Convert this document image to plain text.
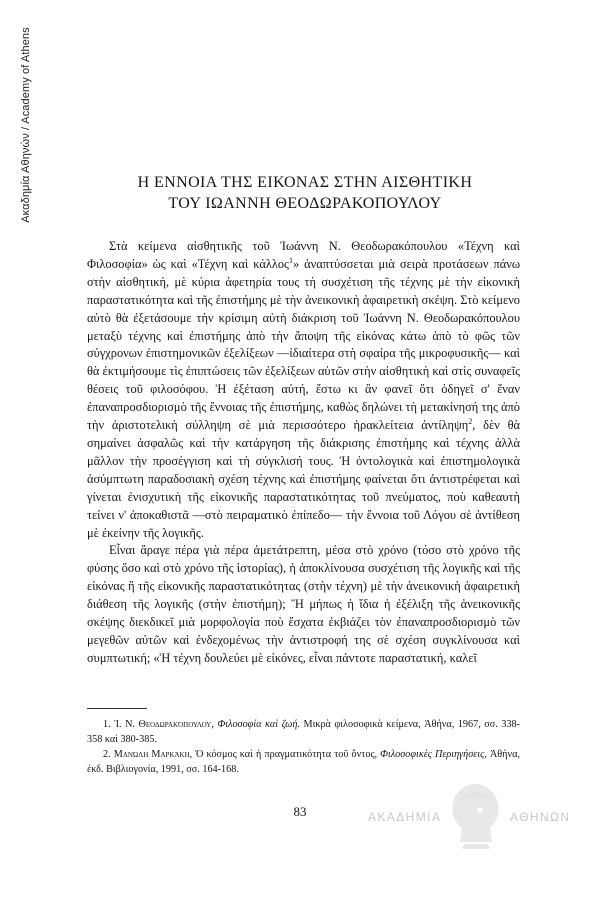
Ακαδημία Αθηνών / Academy of Athens	Η ΕΝΝΟΙΑ ΤΗΣ ΕΙΚΟΝΑΣ ΣΤΗΝ ΑΙΣΘΗΤΙΚΗ
ΤΟΥ ΙΩΑΝΝΗ ΘΕΟΔΩΡΑΚΟΠΟΥΛΟΥ

Στὰ κείμενα αἰσθητικῆς τοῦ Ἰωάννη Ν. Θεοδωρακόπουλου «Τέχνη καὶ Φιλοσοφία» ὡς καὶ «Τέχνη καὶ κάλλος$^1$» ἀναπτύσσεται μιὰ σειρὰ προτάσεων πάνω στὴν αἰσθητική, μὲ κύρια ἀφετηρία τους τὴ συσχέτιση τῆς τέχνης μὲ τὴν εἰκονικὴ παραστατικότητα καὶ τῆς ἐπιστήμης μὲ τὴν ἀνεικονικὴ ἀφαιρετικὴ σκέψη. Στὸ κείμενο αὐτὸ θὰ ἐξετάσουμε τὴν κρίσιμη αὐτὴ διάκριση τοῦ Ἰωάννη Ν. Θεοδωρακόπουλου μεταξὺ τέχνης καὶ ἐπιστήμης ἀπὸ τὴν ἄποψη τῆς εἰκόνας κάτω ἀπὸ τὸ φῶς τῶν σύγχρονων ἐπιστημονικῶν ἐξελίξεων —ἰδιαίτερα στὴ σφαίρα τῆς μικροφυσικῆς— καὶ θὰ ἐκτιμήσουμε τὶς ἐπιπτώσεις τῶν ἐξελίξεων αὐτῶν στὴν αἰσθητικὴ καὶ στὶς συναφεῖς θέσεις τοῦ φιλοσόφου. Ἡ ἐξέταση αὐτή, ἔστω κι ἂν φανεῖ ὅτι ὁδηγεῖ σ' ἕναν ἐπαναπροσδιορισμὸ τῆς ἔννοιας τῆς ἐπιστήμης, καθὼς δηλώνει τὴ μετακίνησή της ἀπὸ τὴν ἀριστοτελικὴ σύλληψη σὲ μιὰ περισσότερο ἡρακλείτεια ἀντίληψη$^2$, δὲν θὰ σημαίνει ἀσφαλῶς καὶ τὴν κατάργηση τῆς διάκρισης ἐπιστήμης καὶ τέχνης ἀλλὰ μᾶλλον τὴν προσέγγιση καὶ τὴ σύγκλισή τους. Ἡ ὀντολογικὰ καὶ ἐπιστημολογικὰ ἀσύμπτωτη παραδοσιακὴ σχέση τέχνης καὶ ἐπιστήμης φαίνεται ὅτι ἀντιστρέφεται καὶ γίνεται ἐνισχυτικὴ τῆς εἰκονικῆς παραστατικότητας τοῦ πνεύματος, ποὺ καθεαυτὴ τείνει ν' ἀποκαθιστᾶ —στὸ πειραματικὸ ἐπίπεδο— τὴν ἔννοια τοῦ Λόγου σὲ ἀντίθεση μὲ ἐκείνην τῆς λογικῆς.

Εἶναι ἄραγε πέρα γιὰ πέρα ἀμετάτρεπτη, μέσα στὸ χρόνο (τόσο στὸ χρόνο τῆς φύσης ὅσο καὶ στὸ χρόνο τῆς ἱστορίας), ἡ ἀποκλίνουσα συσχέτιση τῆς λογικῆς καὶ τῆς εἰκόνας ἢ τῆς εἰκονικῆς παραστατικότητας (στὴν τέχνη) μὲ τὴν ἀνεικονικὴ ἀφαιρετικὴ διάθεση τῆς λογικῆς (στὴν ἐπιστήμη); Ἢ μήπως ἡ ἴδια ἡ ἐξέλιξη τῆς ἀνεικονικῆς σκέψης διεκδικεῖ μιὰ μορφολογία ποὺ ἔσχατα ἐκβιάζει τὸν ἐπαναπροσδιορισμὸ τῶν μεγεθῶν αὐτῶν καὶ ἐνδεχομένως τὴν ἀντιστροφή της σὲ σχέση συγκλίνουσα καὶ συμπτωτική; «Ἡ τέχνη δουλεύει μὲ εἰκόνες, εἶναι πάντοτε παραστατική, καλεῖ

1. Ἰ. Ν. Θεοδωρακόπουλου, Φιλοσοφία καὶ ζωή. Μικρὰ φιλοσοφικὰ κείμενα, Ἀθήνα, 1967, σσ. 338-358 καὶ 380-385.

2. Μανώλη Μαρκάκη, Ὁ κόσμος καὶ ἡ πραγματικότητα τοῦ ὄντος, Φιλοσοφικὲς Περιηγήσεις, Ἀθήνα, ἐκδ. Βιβλιογονία, 1991, σσ. 164-168.

83	ΑΚΑΔΗΜΙΑ	ΑΘΗΝΩΝ
